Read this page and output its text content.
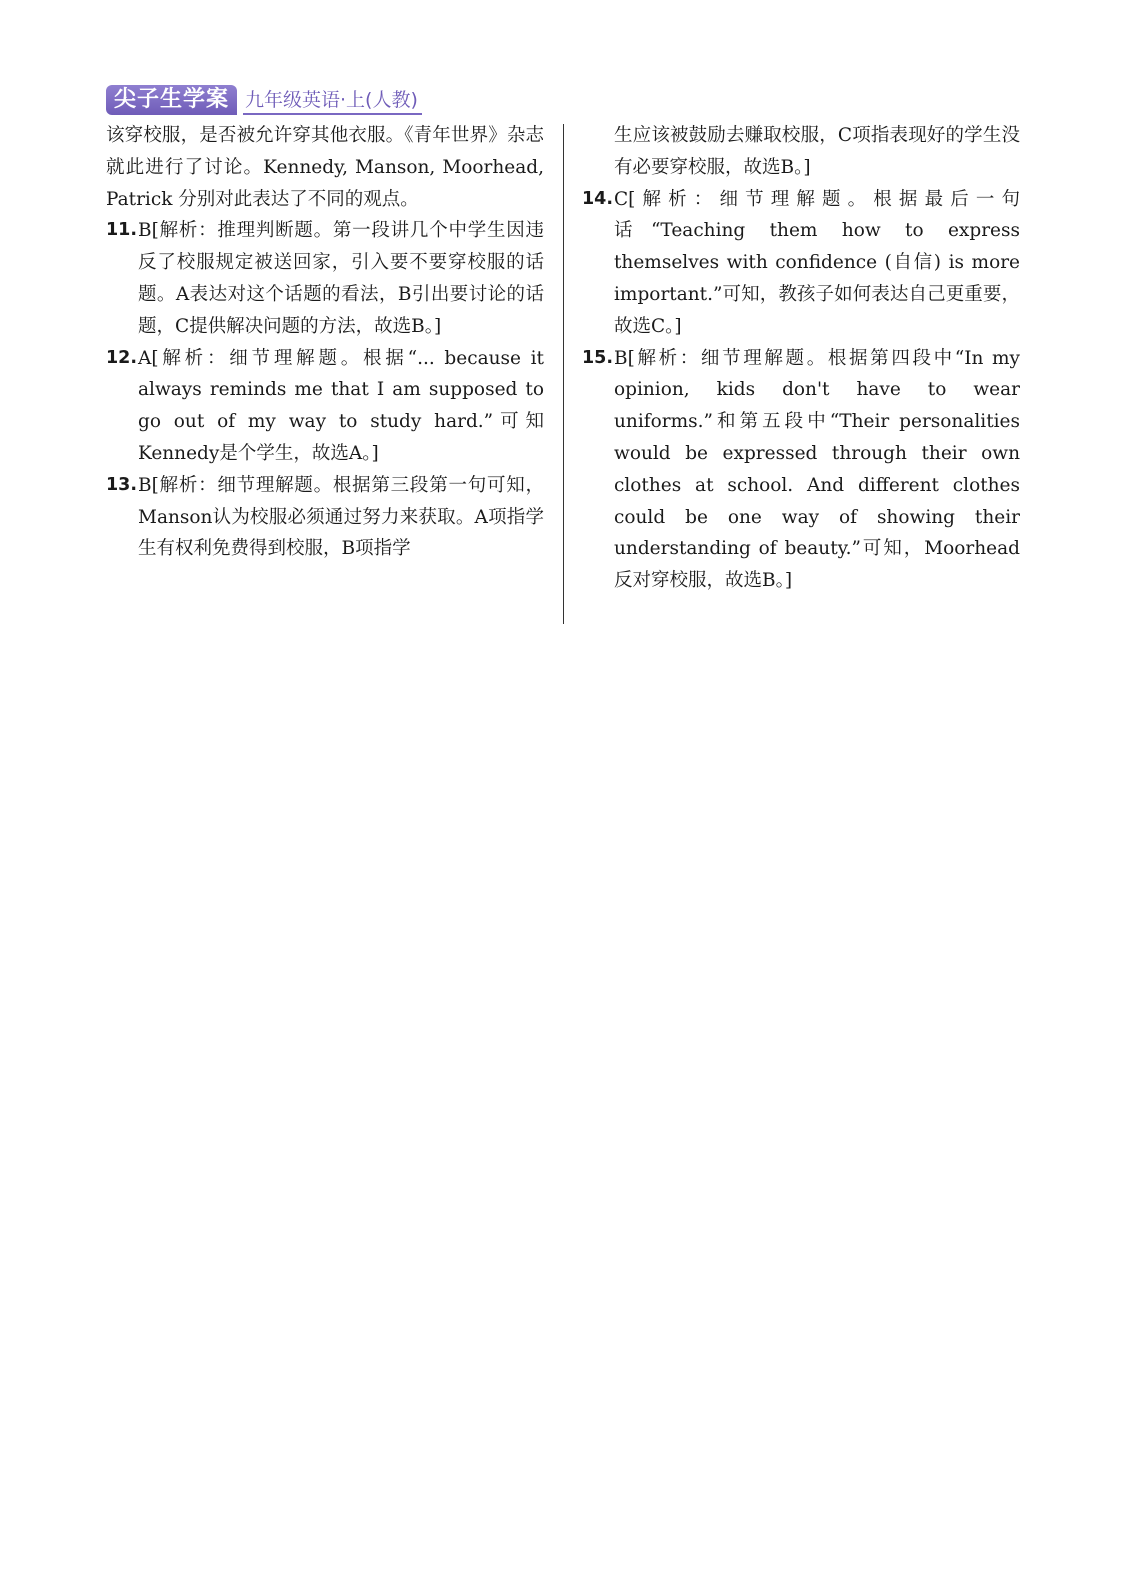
尖子生学案 九年级英语·上(人教)

该穿校服，是否被允许穿其他衣服。《青年世界》杂志就此进行了讨论。Kennedy, Manson, Moorhead, Patrick 分别对此表达了不同的观点。

11. B[解析：推理判断题。第一段讲几个中学生因违反了校服规定被送回家，引入要不要穿校服的话题。A表达对这个话题的看法，B引出要讨论的话题，C提供解决问题的方法，故选B。]
12. A[解析：细节理解题。根据“... because it always reminds me that I am supposed to go out of my way to study hard.”可知Kennedy是个学生，故选A。]
13. B[解析：细节理解题。根据第三段第一句可知，Manson认为校服必须通过努力来获取。A项指学生有权利免费得到校服，B项指学
生应该被鼓励去赚取校服，C项指表现好的学生没有必要穿校服，故选B。]
14. C[解析：细节理解题。根据最后一句话“Teaching them how to express themselves with confidence (自信) is more important.”可知，教孩子如何表达自己更重要，故选C。]
15. B[解析：细节理解题。根据第四段中“In my opinion, kids don't have to wear uniforms.”和第五段中“Their personalities would be expressed through their own clothes at school. And different clothes could be one way of showing their understanding of beauty.”可知，Moorhead反对穿校服，故选B。]
